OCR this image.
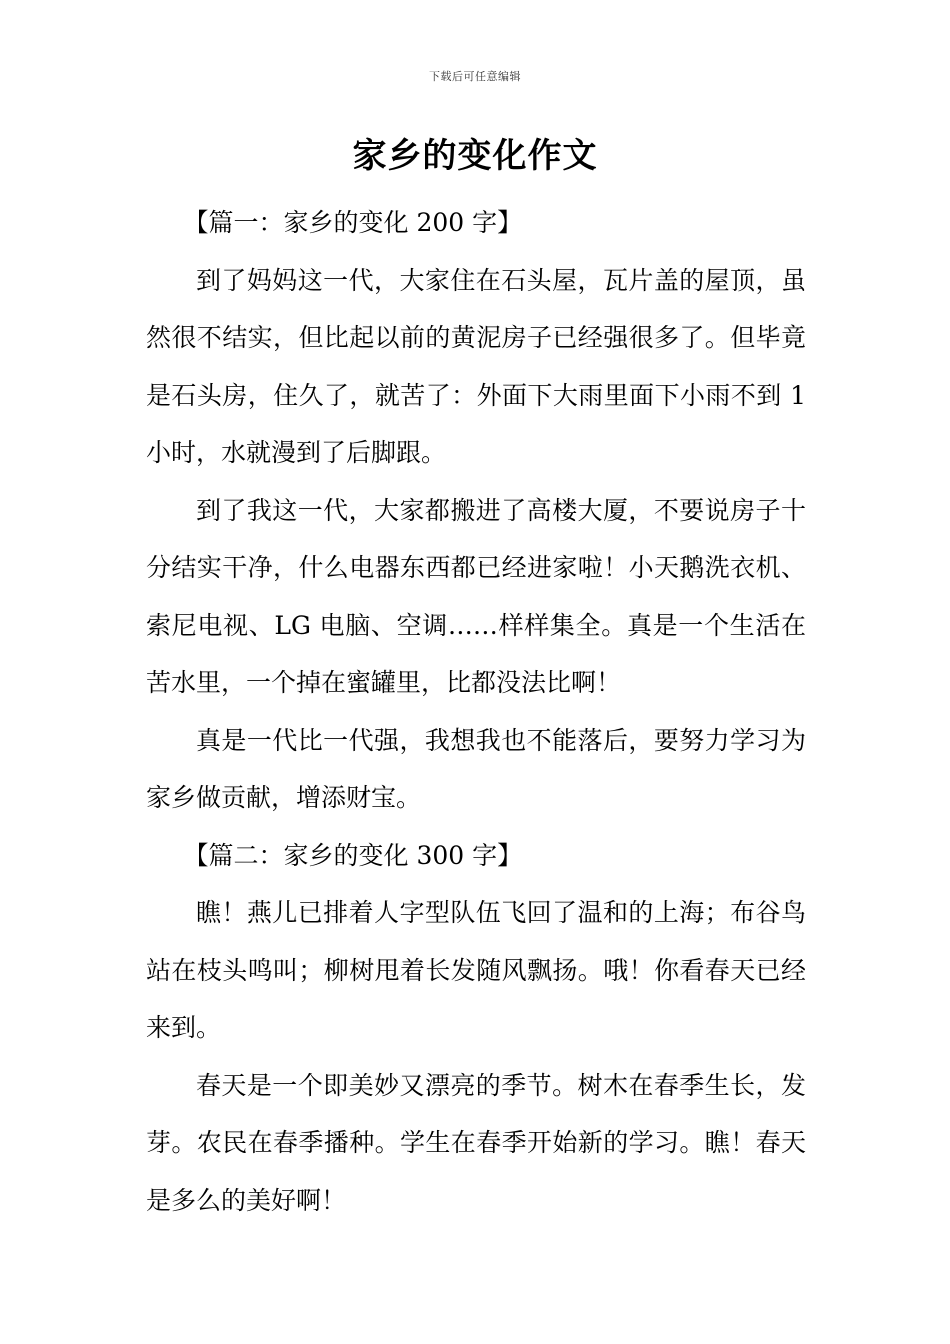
下载后可任意编辑
家乡的变化作文

【篇一：家乡的变化 200 字】

到了妈妈这一代，大家住在石头屋，瓦片盖的屋顶，虽然很不结实，但比起以前的黄泥房子已经强很多了。但毕竟是石头房，住久了，就苦了：外面下大雨里面下小雨不到 1 小时，水就漫到了后脚跟。

到了我这一代，大家都搬进了高楼大厦，不要说房子十分结实干净，什么电器东西都已经进家啦！小天鹅洗衣机、索尼电视、LG 电脑、空调……样样集全。真是一个生活在苦水里，一个掉在蜜罐里，比都没法比啊！

真是一代比一代强，我想我也不能落后，要努力学习为家乡做贡献，增添财宝。

【篇二：家乡的变化 300 字】

瞧！燕儿已排着人字型队伍飞回了温和的上海；布谷鸟站在枝头鸣叫；柳树甩着长发随风飘扬。哦！你看春天已经来到。

春天是一个即美妙又漂亮的季节。树木在春季生长，发芽。农民在春季播种。学生在春季开始新的学习。瞧！春天是多么的美好啊！
